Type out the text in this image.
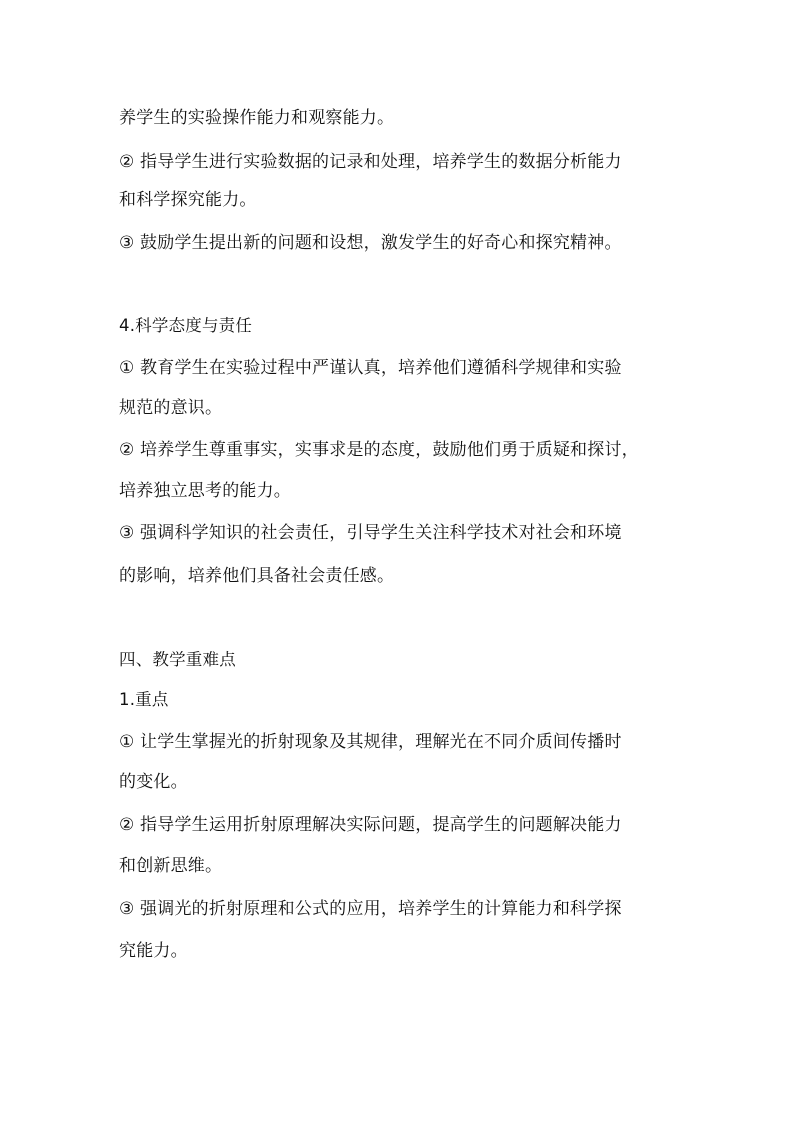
养学生的实验操作能力和观察能力。
② 指导学生进行实验数据的记录和处理，培养学生的数据分析能力
和科学探究能力。
③ 鼓励学生提出新的问题和设想，激发学生的好奇心和探究精神。
4.科学态度与责任
① 教育学生在实验过程中严谨认真，培养他们遵循科学规律和实验
规范的意识。
② 培养学生尊重事实，实事求是的态度，鼓励他们勇于质疑和探讨，
培养独立思考的能力。
③ 强调科学知识的社会责任，引导学生关注科学技术对社会和环境
的影响，培养他们具备社会责任感。
四、教学重难点
1.重点
① 让学生掌握光的折射现象及其规律，理解光在不同介质间传播时
的变化。
② 指导学生运用折射原理解决实际问题，提高学生的问题解决能力
和创新思维。
③ 强调光的折射原理和公式的应用，培养学生的计算能力和科学探
究能力。
